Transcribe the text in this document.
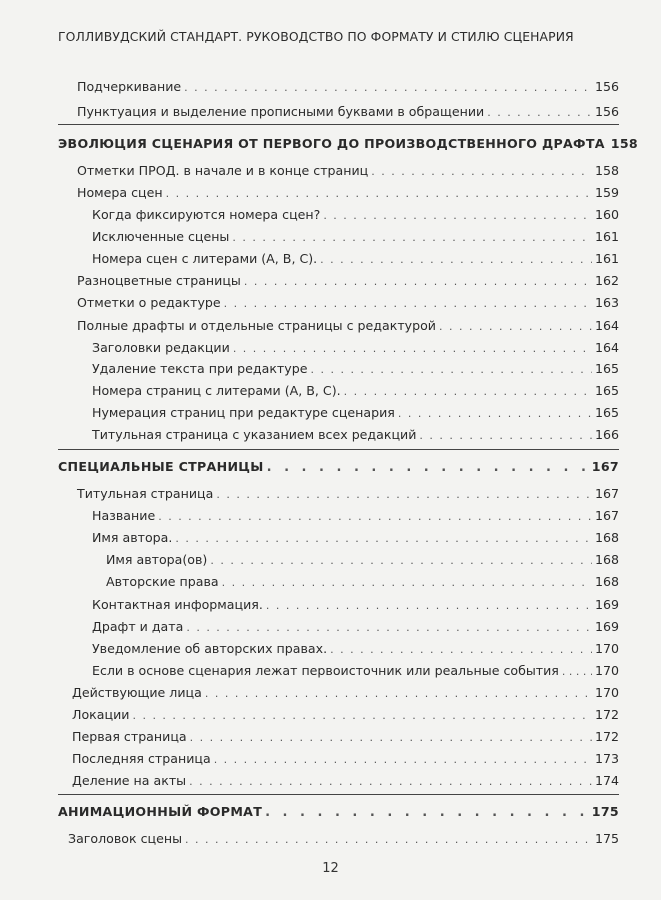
ГОЛЛИВУДСКИЙ СТАНДАРТ. РУКОВОДСТВО ПО ФОРМАТУ И СТИЛЮ СЦЕНАРИЯ
Подчеркивание . . .	156
Пунктуация и выделение прописными буквами в обращении . . .	156
ЭВОЛЮЦИЯ СЦЕНАРИЯ ОТ ПЕРВОГО ДО ПРОИЗВОДСТВЕННОГО ДРАФТА 158
Отметки ПРОД. в начале и в конце страниц . . .	158
Номера сцен . . .	159
Когда фиксируются номера сцен? . . .	160
Исключенные сцены . . .	161
Номера сцен с литерами (А, В, С). . . .	161
Разноцветные страницы . . .	162
Отметки о редактуре . . .	163
Полные драфты и отдельные страницы с редактурой . . .	164
Заголовки редакции . . .	164
Удаление текста при редактуре . . .	165
Номера страниц с литерами (А, В, С). . . .	165
Нумерация страниц при редактуре сценария . . .	165
Титульная страница с указанием всех редакций . . .	166
СПЕЦИАЛЬНЫЕ СТРАНИЦЫ . . .	167
Титульная страница . . .	167
Название . . .	167
Имя автора. . . .	168
Имя автора(ов) . . .	168
Авторские права . . .	168
Контактная информация. . . .	169
Драфт и дата . . .	169
Уведомление об авторских правах. . . .	170
Если в основе сценария лежат первоисточник или реальные события . . .	170
Действующие лица . . .	170
Локации . . .	172
Первая страница . . .	172
Последняя страница . . .	173
Деление на акты . . .	174
АНИМАЦИОННЫЙ ФОРМАТ . . .	175
Заголовок сцены . . .	175
12
